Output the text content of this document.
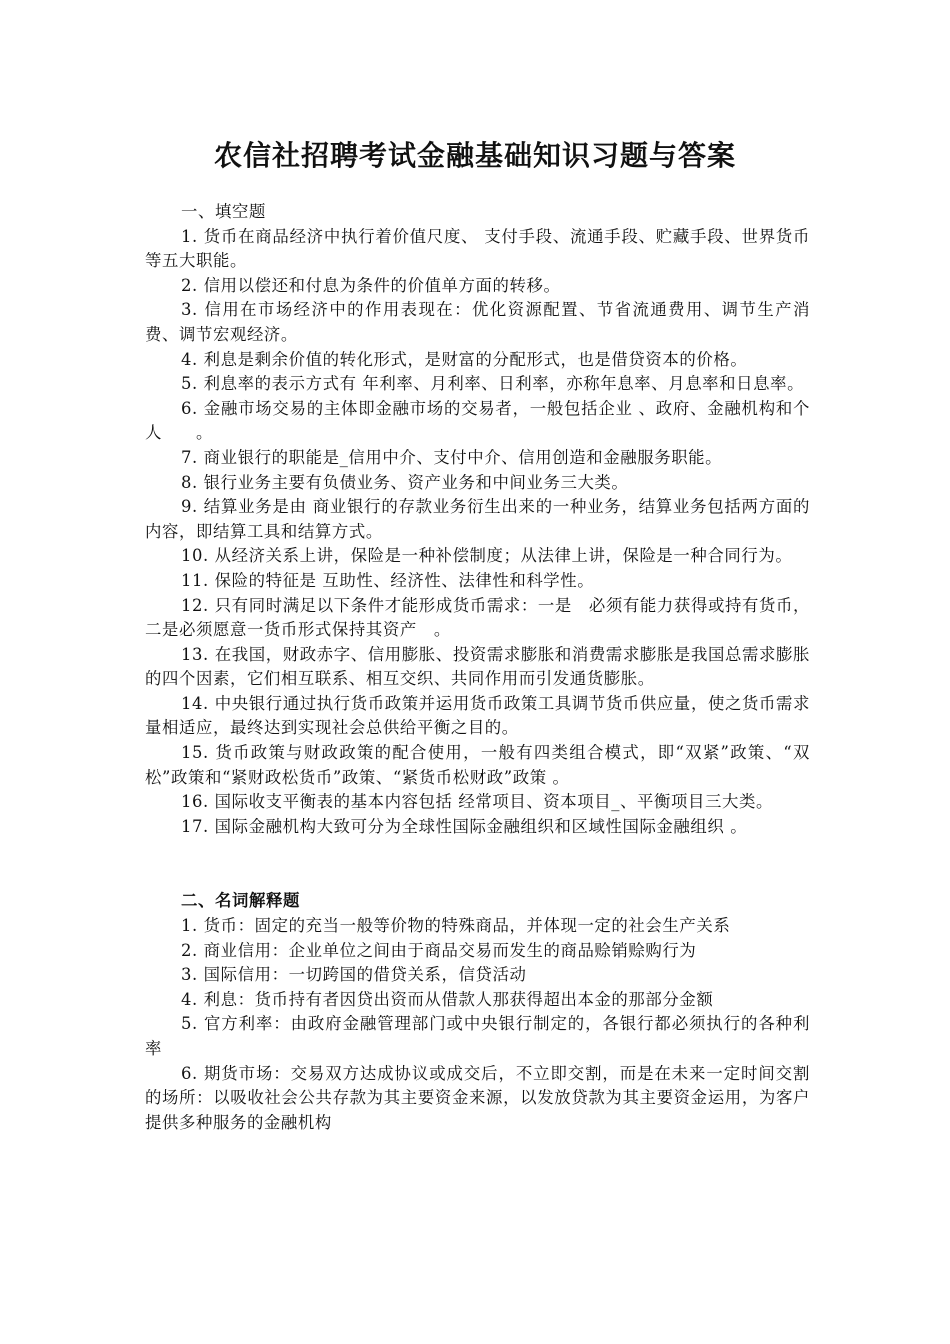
农信社招聘考试金融基础知识习题与答案

一、填空题

1. 货币在商品经济中执行着价值尺度、 支付手段、流通手段、贮藏手段、世界货币等五大职能。

2. 信用以偿还和付息为条件的价值单方面的转移。

3. 信用在市场经济中的作用表现在：优化资源配置、节省流通费用、调节生产消费、调节宏观经济。

4. 利息是剩余价值的转化形式，是财富的分配形式，也是借贷资本的价格。

5. 利息率的表示方式有 年利率、月利率、日利率，亦称年息率、月息率和日息率。

6. 金融市场交易的主体即金融市场的交易者，一般包括企业 、政府、金融机构和个人　　。

7. 商业银行的职能是_信用中介、支付中介、信用创造和金融服务职能。

8. 银行业务主要有负债业务、资产业务和中间业务三大类。

9. 结算业务是由 商业银行的存款业务衍生出来的一种业务，结算业务包括两方面的内容，即结算工具和结算方式。

10. 从经济关系上讲，保险是一种补偿制度；从法律上讲，保险是一种合同行为。

11. 保险的特征是 互助性、经济性、法律性和科学性。

12. 只有同时满足以下条件才能形成货币需求：一是　必须有能力获得或持有货币，二是必须愿意一货币形式保持其资产　。

13. 在我国，财政赤字、信用膨胀、投资需求膨胀和消费需求膨胀是我国总需求膨胀的四个因素，它们相互联系、相互交织、共同作用而引发通货膨胀。

14. 中央银行通过执行货币政策并运用货币政策工具调节货币供应量，使之货币需求量相适应，最终达到实现社会总供给平衡之目的。

15. 货币政策与财政政策的配合使用，一般有四类组合模式，即“双紧”政策、“双松”政策和“紧财政松货币”政策、“紧货币松财政”政策 。

16. 国际收支平衡表的基本内容包括 经常项目、资本项目_、平衡项目三大类。

17. 国际金融机构大致可分为全球性国际金融组织和区域性国际金融组织 。

二、名词解释题

1. 货币：固定的充当一般等价物的特殊商品，并体现一定的社会生产关系

2. 商业信用：企业单位之间由于商品交易而发生的商品赊销赊购行为

3. 国际信用：一切跨国的借贷关系，信贷活动

4. 利息：货币持有者因贷出资而从借款人那获得超出本金的那部分金额

5. 官方利率：由政府金融管理部门或中央银行制定的，各银行都必须执行的各种利率

6. 期货市场：交易双方达成协议或成交后，不立即交割，而是在未来一定时间交割的场所：以吸收社会公共存款为其主要资金来源，以发放贷款为其主要资金运用，为客户提供多种服务的金融机构
